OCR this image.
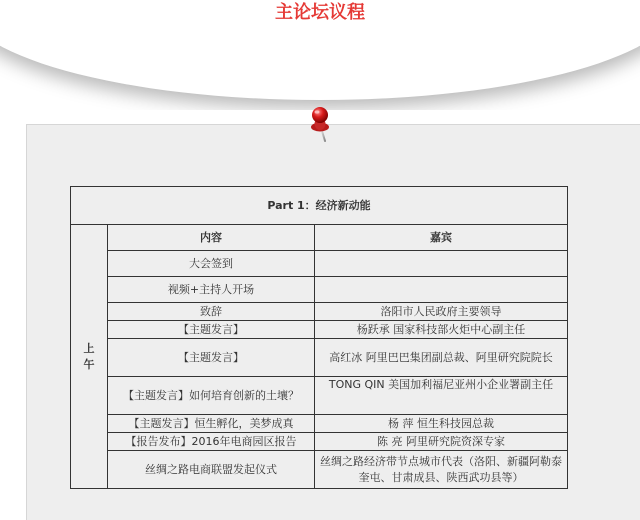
主论坛议程
Part 1：经济新动能		
上午	内容	嘉宾
	大会签到	
	视频+主持人开场	
	致辞	洛阳市人民政府主要领导
	【主题发言】	杨跃承 国家科技部火炬中心副主任
	【主题发言】	高红冰 阿里巴巴集团副总裁、阿里研究院院长
	【主题发言】如何培育创新的土壤？	TONG QIN 美国加利福尼亚州小企业署副主任
	【主题发言】恒生孵化，美梦成真	杨 萍 恒生科技园总裁
	【报告发布】2016年电商园区报告	陈 亮 阿里研究院资深专家
	丝绸之路电商联盟发起仪式	丝绸之路经济带节点城市代表（洛阳、新疆阿勒泰奎屯、甘肃成县、陕西武功县等）
